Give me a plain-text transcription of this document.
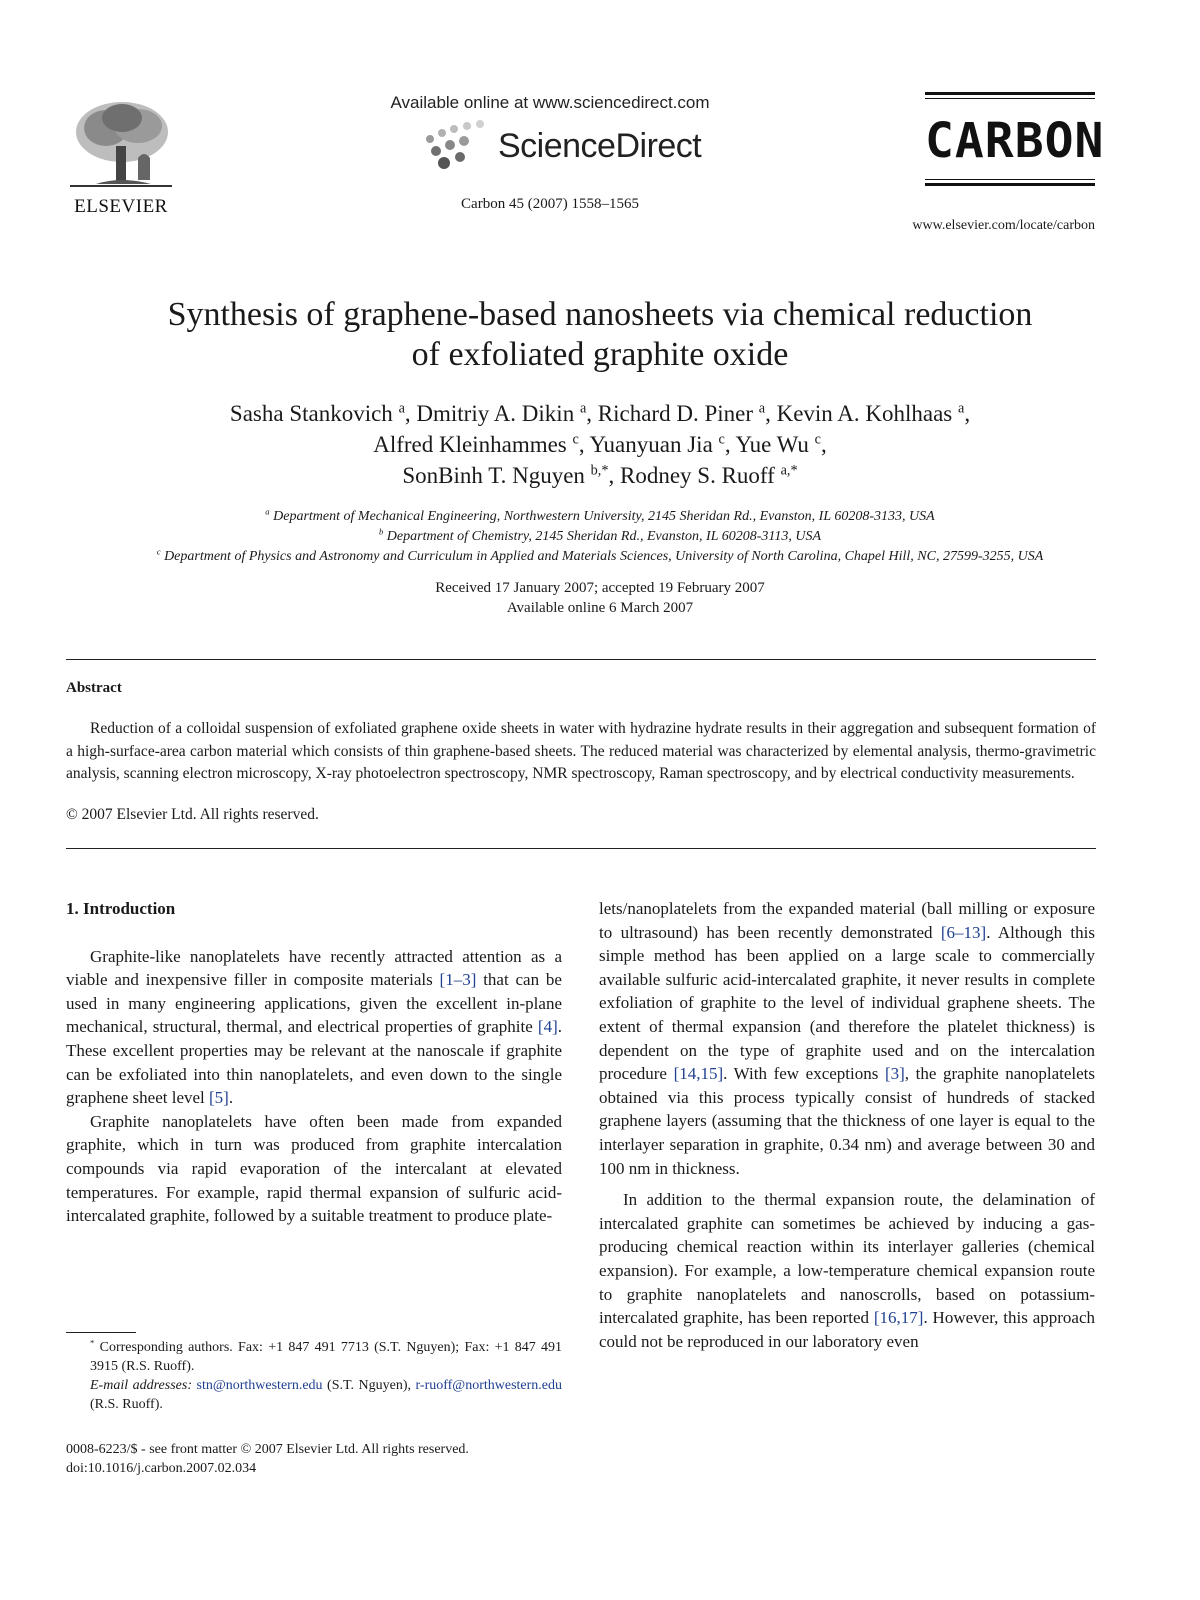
ELSEVIER
Available online at www.sciencedirect.com
ScienceDirect
Carbon 45 (2007) 1558–1565
CARBON
www.elsevier.com/locate/carbon
Synthesis of graphene-based nanosheets via chemical reduction
of exfoliated graphite oxide
Sasha Stankovich $^a$, Dmitriy A. Dikin $^a$, Richard D. Piner $^a$, Kevin A. Kohlhaas $^a$,
Alfred Kleinhammes $^c$, Yuanyuan Jia $^c$, Yue Wu $^c$,
SonBinh T. Nguyen $^{b,*}$, Rodney S. Ruoff $^{a,*}$
$^a$ Department of Mechanical Engineering, Northwestern University, 2145 Sheridan Rd., Evanston, IL 60208-3133, USA
$^b$ Department of Chemistry, 2145 Sheridan Rd., Evanston, IL 60208-3113, USA
$^c$ Department of Physics and Astronomy and Curriculum in Applied and Materials Sciences, University of North Carolina, Chapel Hill, NC, 27599-3255, USA
Received 17 January 2007; accepted 19 February 2007
Available online 6 March 2007
Abstract

Reduction of a colloidal suspension of exfoliated graphene oxide sheets in water with hydrazine hydrate results in their aggregation and subsequent formation of a high-surface-area carbon material which consists of thin graphene-based sheets. The reduced material was characterized by elemental analysis, thermo-gravimetric analysis, scanning electron microscopy, X-ray photoelectron spectroscopy, NMR spectroscopy, Raman spectroscopy, and by electrical conductivity measurements.

© 2007 Elsevier Ltd. All rights reserved.
1. Introduction

Graphite-like nanoplatelets have recently attracted attention as a viable and inexpensive filler in composite materials [1–3] that can be used in many engineering applications, given the excellent in-plane mechanical, structural, thermal, and electrical properties of graphite [4]. These excellent properties may be relevant at the nanoscale if graphite can be exfoliated into thin nanoplatelets, and even down to the single graphene sheet level [5].

Graphite nanoplatelets have often been made from expanded graphite, which in turn was produced from graphite intercalation compounds via rapid evaporation of the intercalant at elevated temperatures. For example, rapid thermal expansion of sulfuric acid-intercalated graphite, followed by a suitable treatment to produce plate-

lets/nanoplatelets from the expanded material (ball milling or exposure to ultrasound) has been recently demonstrated [6–13]. Although this simple method has been applied on a large scale to commercially available sulfuric acid-intercalated graphite, it never results in complete exfoliation of graphite to the level of individual graphene sheets. The extent of thermal expansion (and therefore the platelet thickness) is dependent on the type of graphite used and on the intercalation procedure [14,15]. With few exceptions [3], the graphite nanoplatelets obtained via this process typically consist of hundreds of stacked graphene layers (assuming that the thickness of one layer is equal to the interlayer separation in graphite, 0.34 nm) and average between 30 and 100 nm in thickness.

In addition to the thermal expansion route, the delamination of intercalated graphite can sometimes be achieved by inducing a gas-producing chemical reaction within its interlayer galleries (chemical expansion). For example, a low-temperature chemical expansion route to graphite nanoplatelets and nanoscrolls, based on potassium-intercalated graphite, has been reported [16,17]. However, this approach could not be reproduced in our laboratory even

* Corresponding authors. Fax: +1 847 491 7713 (S.T. Nguyen); Fax: +1 847 491 3915 (R.S. Ruoff).

E-mail addresses: stn@northwestern.edu (S.T. Nguyen), r-ruoff@northwestern.edu (R.S. Ruoff).

0008-6223/$ - see front matter © 2007 Elsevier Ltd. All rights reserved.
doi:10.1016/j.carbon.2007.02.034
